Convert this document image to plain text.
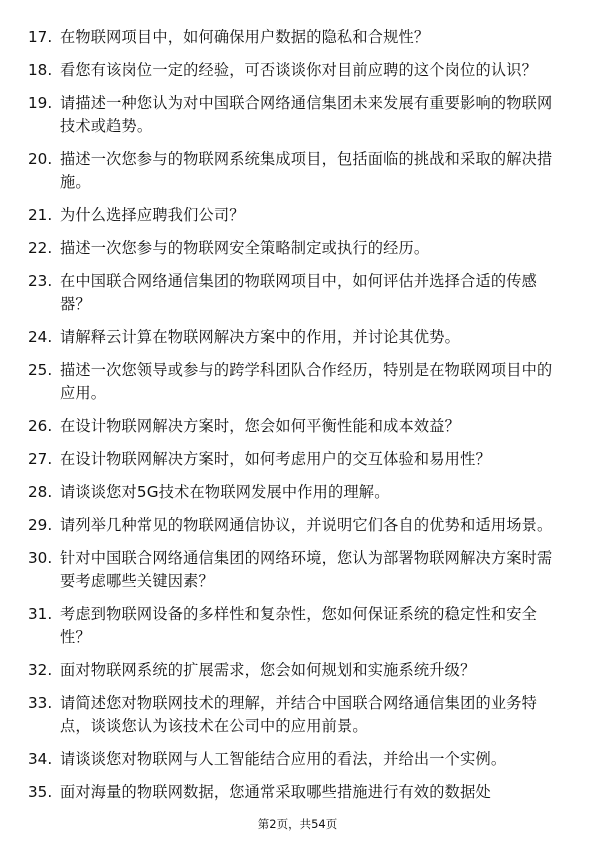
17. 在物联网项目中，如何确保用户数据的隐私和合规性？
18. 看您有该岗位一定的经验，可否谈谈你对目前应聘的这个岗位的认识？
19. 请描述一种您认为对中国联合网络通信集团未来发展有重要影响的物联网技术或趋势。
20. 描述一次您参与的物联网系统集成项目，包括面临的挑战和采取的解决措施。
21. 为什么选择应聘我们公司？
22. 描述一次您参与的物联网安全策略制定或执行的经历。
23. 在中国联合网络通信集团的物联网项目中，如何评估并选择合适的传感器？
24. 请解释云计算在物联网解决方案中的作用，并讨论其优势。
25. 描述一次您领导或参与的跨学科团队合作经历，特别是在物联网项目中的应用。
26. 在设计物联网解决方案时，您会如何平衡性能和成本效益？
27. 在设计物联网解决方案时，如何考虑用户的交互体验和易用性？
28. 请谈谈您对5G技术在物联网发展中作用的理解。
29. 请列举几种常见的物联网通信协议，并说明它们各自的优势和适用场景。
30. 针对中国联合网络通信集团的网络环境，您认为部署物联网解决方案时需要考虑哪些关键因素？
31. 考虑到物联网设备的多样性和复杂性，您如何保证系统的稳定性和安全性？
32. 面对物联网系统的扩展需求，您会如何规划和实施系统升级？
33. 请简述您对物联网技术的理解，并结合中国联合网络通信集团的业务特点，谈谈您认为该技术在公司中的应用前景。
34. 请谈谈您对物联网与人工智能结合应用的看法，并给出一个实例。
35. 面对海量的物联网数据，您通常采取哪些措施进行有效的数据处
第2页，共54页
